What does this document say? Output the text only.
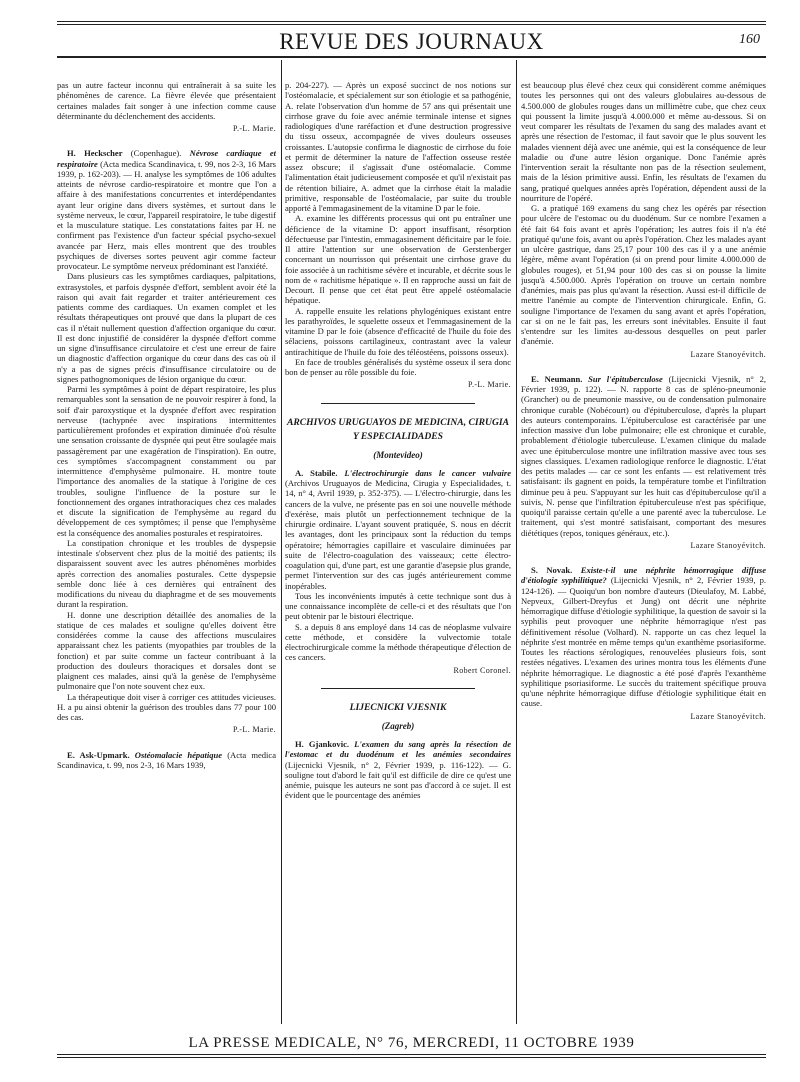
REVUE DES JOURNAUX	160

pas un autre facteur inconnu qui entraînerait à sa suite les phénomènes de carence. La fièvre élevée que présentaient certaines malades fait songer à une infection comme cause déterminante du déclenchement des accidents.

P.-L. Marie.

H. Heckscher (Copenhague). Névrose cardiaque et respiratoire (Acta medica Scandinavica, t. 99, nos 2-3, 16 Mars 1939, p. 162-203). — H. analyse les symptômes de 106 adultes atteints de névrose cardio-respiratoire et montre que l'on a affaire à des manifestations concurrentes et interdépendantes ayant leur origine dans divers systèmes, et surtout dans le système nerveux, le cœur, l'appareil respiratoire, le tube digestif et la musculature statique. Les constatations faites par H. ne confirment pas l'existence d'un facteur spécial psycho-sexuel avancée par Herz, mais elles montrent que des troubles psychiques de diverses sortes peuvent agir comme facteur provocateur. Le symptôme nerveux prédominant est l'anxiété.

Dans plusieurs cas les symptômes cardiaques, palpitations, extrasystoles, et parfois dyspnée d'effort, semblent avoir été la raison qui avait fait regarder et traiter antérieurement ces patients comme des cardiaques. Un examen complet et les résultats thérapeutiques ont prouvé que dans la plupart de ces cas il n'était nullement question d'affection organique du cœur. Il est donc injustifié de considérer la dyspnée d'effort comme un signe d'insuffisance circulatoire et c'est une erreur de faire un diagnostic d'affection organique du cœur dans des cas où il n'y a pas de signes précis d'insuffisance circulatoire ou de signes pathognomoniques de lésion organique du cœur.

Parmi les symptômes à point de départ respiratoire, les plus remarquables sont la sensation de ne pouvoir respirer à fond, la soif d'air paroxystique et la dyspnée d'effort avec respiration nerveuse (tachypnée avec inspirations intermittentes particulièrement profondes et expiration diminuée d'où résulte une sensation croissante de dyspnée qui peut être soulagée mais passagèrement par une exagération de l'inspiration). En outre, ces symptômes s'accompagnent constamment ou par intermittence d'emphysème pulmonaire. H. montre toute l'importance des anomalies de la statique à l'origine de ces troubles, souligne l'influence de la posture sur le fonctionnement des organes intrathoraciques chez ces malades et discute la signification de l'emphysème au regard du développement de ces symptômes; il pense que l'emphysème est la conséquence des anomalies posturales et respiratoires.

La constipation chronique et les troubles de dyspepsie intestinale s'observent chez plus de la moitié des patients; ils disparaissent souvent avec les autres phénomènes morbides après correction des anomalies posturales. Cette dyspepsie semble donc liée à ces dernières qui entraînent des modifications du niveau du diaphragme et de ses mouvements durant la respiration.

H. donne une description détaillée des anomalies de la statique de ces malades et souligne qu'elles doivent être considérées comme la cause des affections musculaires apparaissant chez les patients (myopathies par troubles de la fonction) et par suite comme un facteur contribuant à la production des douleurs thoraciques et dorsales dont se plaignent ces malades, ainsi qu'à la genèse de l'emphysème pulmonaire que l'on note souvent chez eux.

La thérapeutique doit viser à corriger ces attitudes vicieuses. H. a pu ainsi obtenir la guérison des troubles dans 77 pour 100 des cas.

P.-L. Marie.

E. Ask-Upmark. Ostéomalacie hépatique (Acta medica Scandinavica, t. 99, nos 2-3, 16 Mars 1939,

p. 204-227). — Après un exposé succinct de nos notions sur l'ostéomalacie, et spécialement sur son étiologie et sa pathogénie, A. relate l'observation d'un homme de 57 ans qui présentait une cirrhose grave du foie avec anémie terminale intense et signes radiologiques d'une raréfaction et d'une destruction progressive du tissu osseux, accompagnée de vives douleurs osseuses croissantes. L'autopsie confirma le diagnostic de cirrhose du foie et permit de déterminer la nature de l'affection osseuse restée assez obscure; il s'agissait d'une ostéomalacie. Comme l'alimentation était judicieusement composée et qu'il n'existait pas de rétention biliaire, A. admet que la cirrhose était la maladie primitive, responsable de l'ostéomalacie, par suite du trouble apporté à l'emmagasinement de la vitamine D par le foie.

A. examine les différents processus qui ont pu entraîner une déficience de la vitamine D: apport insuffisant, résorption défectueuse par l'intestin, emmagasinement déficitaire par le foie. Il attire l'attention sur une observation de Gerstenberger concernant un nourrisson qui présentait une cirrhose grave du foie associée à un rachitisme sévère et incurable, et décrite sous le nom de « rachitisme hépatique ». Il en rapproche aussi un fait de Decourt. Il pense que cet état peut être appelé ostéomalacie hépatique.

A. rappelle ensuite les relations phylogéniques existant entre les parathyroïdes, le squelette osseux et l'emmagasinement de la vitamine D par le foie (absence d'efficacité de l'huile du foie des sélaciens, poissons cartilagineux, contrastant avec la valeur antirachitique de l'huile du foie des téléostéens, poissons osseux).

En face de troubles généralisés du système osseux il sera donc bon de penser au rôle possible du foie.

P.-L. Marie.

ARCHIVOS URUGUAYOS DE MEDICINA, CIRUGIA Y ESPECIALIDADES

(Montevideo)

A. Stabile. L'électrochirurgie dans le cancer vulvaire (Archivos Uruguayos de Medicina, Cirugia y Especialidades, t. 14, n° 4, Avril 1939, p. 352-375). — L'électro-chirurgie, dans les cancers de la vulve, ne présente pas en soi une nouvelle méthode d'exérèse, mais plutôt un perfectionnement technique de la chirurgie ordinaire. L'ayant souvent pratiquée, S. nous en décrit les avantages, dont les principaux sont la réduction du temps opératoire; hémorragies capillaire et vasculaire diminuées par suite de l'électro-coagulation des vaisseaux; cette électro-coagulation qui, d'une part, est une garantie d'asepsie plus grande, permet l'intervention sur des cas jugés antérieurement comme inopérables.

Tous les inconvénients imputés à cette technique sont dus à une connaissance incomplète de celle-ci et des résultats que l'on peut obtenir par le bistouri électrique.

S. a depuis 8 ans employé dans 14 cas de néoplasme vulvaire cette méthode, et considère la vulvectomie totale électrochirurgicale comme la méthode thérapeutique d'élection de ces cancers.

Robert Coronel.

LIJECNICKI VJESNIK

(Zagreb)

H. Gjankovic. L'examen du sang après la résection de l'estomac et du duodénum et les anémies secondaires (Lijecnicki Vjesnik, n° 2, Février 1939, p. 116-122). — G. souligne tout d'abord le fait qu'il est difficile de dire ce qu'est une anémie, puisque les auteurs ne sont pas d'accord à ce sujet. Il est évident que le pourcentage des anémies

est beaucoup plus élevé chez ceux qui considèrent comme anémiques toutes les personnes qui ont des valeurs globulaires au-dessous de 4.500.000 de globules rouges dans un millimètre cube, que chez ceux qui poussent la limite jusqu'à 4.000.000 et même au-dessous. Si on veut comparer les résultats de l'examen du sang des malades avant et après une résection de l'estomac, il faut savoir que le plus souvent les malades viennent déjà avec une anémie, qui est la conséquence de leur maladie ou d'une autre lésion organique. Donc l'anémie après l'intervention serait la résultante non pas de la résection seulement, mais de la lésion primitive aussi. Enfin, les résultats de l'examen du sang, pratiqué quelques années après l'opération, dépendent aussi de la nourriture de l'opéré.

G. a pratiqué 169 examens du sang chez les opérés par résection pour ulcère de l'estomac ou du duodénum. Sur ce nombre l'examen a été fait 64 fois avant et après l'opération; les autres fois il n'a été pratiqué qu'une fois, avant ou après l'opération. Chez les malades ayant un ulcère gastrique, dans 25,17 pour 100 des cas il y a une anémie légère, même avant l'opération (si on prend pour limite 4.000.000 de globules rouges), et 51,94 pour 100 des cas si on pousse la limite jusqu'à 4.500.000. Après l'opération on trouve un certain nombre d'anémies, mais pas plus qu'avant la résection. Aussi est-il difficile de mettre l'anémie au compte de l'intervention chirurgicale. Enfin, G. souligne l'importance de l'examen du sang avant et après l'opération, car si on ne le fait pas, les erreurs sont inévitables. Ensuite il faut s'entendre sur les limites au-dessous desquelles on peut parler d'anémie.

Lazare Stanoyévitch.

E. Neumann. Sur l'épituberculose (Lijecnicki Vjesnik, n° 2, Février 1939, p. 122). — N. rapporte 8 cas de spléno-pneumonie (Grancher) ou de pneumonie massive, ou de condensation pulmonaire chronique curable (Nobécourt) ou d'épituberculose, d'après la plupart des auteurs contemporains. L'épituberculose est caractérisée par une infection massive d'un lobe pulmonaire; elle est chronique et curable, probablement d'étiologie tuberculeuse. L'examen clinique du malade avec une épituberculose montre une infiltration massive avec tous ses signes classiques. L'examen radiologique renforce le diagnostic. L'état des petits malades — car ce sont les enfants — est relativement très satisfaisant: ils gagnent en poids, la température tombe et l'infiltration diminue peu à peu. S'appuyant sur les huit cas d'épituberculose qu'il a suivis, N. pense que l'infiltration épituberculeuse n'est pas spécifique, quoiqu'il paraisse certain qu'elle a une parenté avec la tuberculose. Le traitement, qui s'est montré satisfaisant, comportant des mesures diététiques (repos, toniques généraux, etc.).

Lazare Stanoyévitch.

S. Novak. Existe-t-il une néphrite hémorragique diffuse d'étiologie syphilitique? (Lijecnicki Vjesnik, n° 2, Février 1939, p. 124-126). — Quoiqu'un bon nombre d'auteurs (Dieulafoy, M. Labbé, Nepveux, Gilbert-Dreyfus et Jung) ont décrit une néphrite hémorragique diffuse d'étiologie syphilitique, la question de savoir si la syphilis peut provoquer une néphrite hémorragique n'est pas définitivement résolue (Volhard). N. rapporte un cas chez lequel la néphrite s'est montrée en même temps qu'un exanthème psoriasiforme. Toutes les réactions sérologiques, renouvelées plusieurs fois, sont restées négatives. L'examen des urines montra tous les éléments d'une néphrite hémorragique. Le diagnostic a été posé d'après l'exanthème syphilitique psoriasiforme. Le succès du traitement spécifique prouva qu'une néphrite hémorragique diffuse d'étiologie syphilitique était en cause.

Lazare Stanoyévitch.
LA PRESSE MEDICALE, N° 76, MERCREDI, 11 OCTOBRE 1939
